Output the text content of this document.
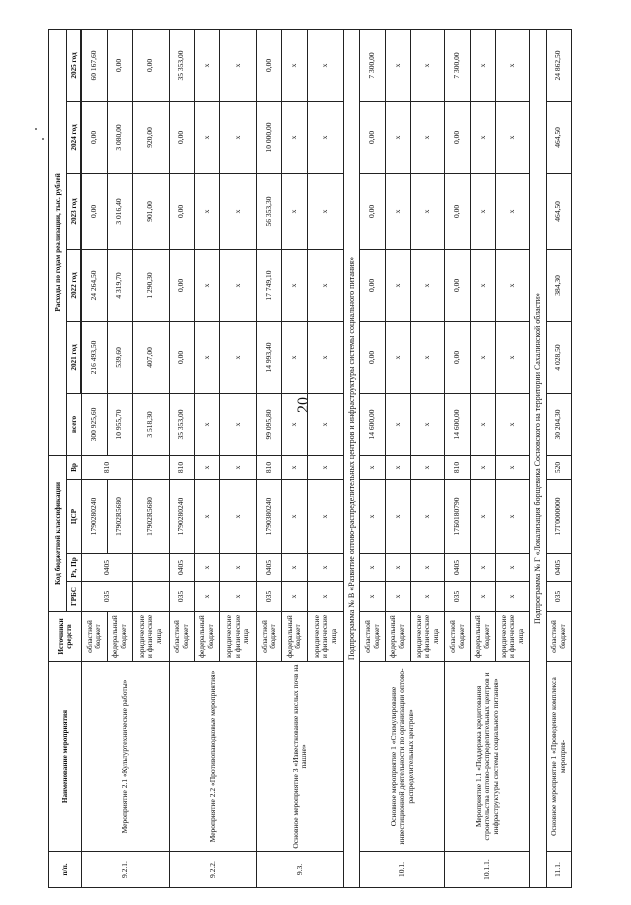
20
п/п.	Наименование мероприятия	Источники средств	Код бюджетной классификации				Расходы по годам реализации, тыс. рублей					
			ГРБС	Рз, Пр	ЦСР	Вр	всего	2021 год	2022 год	2023 год	2024 год	2025 год

9.2.1.	Мероприятие 2.1 «Культуртехнические работы»	областной бюджет	035	0405	1790280240	810	300 925,60	216 493,50	24 264,50	0,00	0,00	60 167,60
		федеральный бюджет			17902R5680		10 955,70	539,60	4 319,70	3 016,40	3 080,00	0,00
		юридические и физические лица			17902R5680		3 518,30	407,00	1 290,30	901,00	920,00	0,00
9.2.2.	Мероприятие 2.2 «Противопаводковые мероприятия»	областной бюджет	035	0405	1790280240	810	35 353,00	0,00	0,00	0,00	0,00	35 353,00
		федеральный бюджет	x	x	x	x	x	x	x	x	x	x
		юридические и физические лица	x	x	x	x	x	x	x	x	x	x
9.3.	Основное мероприятие 3 «Известкование кислых почв на пашне»	областной бюджет	035	0405	1790380240	810	99 095,80	14 993,40	17 749,10	56 353,30	10 000,00	0,00
		федеральный бюджет	x	x	x	x	x	x	x	x	x	x
		юридические и физические лица	x	x	x	x	x	x	x	x	x	x
Подпрограмма № В «Развитие оптово-распределительных центров и инфраструктуры системы социального питания»												
10.1.	Основное мероприятие 1 «Стимулирование инвестиционной деятельности по организации оптово-распределительных центров»	областной бюджет	x	x	x	x	14 600,00	0,00	0,00	0,00	0,00	7 300,00
		федеральный бюджет	x	x	x	x	x	x	x	x	x	x
		юридические и физические лица	x	x	x	x	x	x	x	x	x	x
10.1.1.	Мероприятие 1.1 «Поддержка кредитования строительства оптово-распределительных центров и инфраструктуры системы социального питания»	областной бюджет	035	0405	17Б0180790	810	14 600,00	0,00	0,00	0,00	0,00	7 300,00
		федеральный бюджет	x	x	x	x	x	x	x	x	x	x
		юридические и физические лица	x	x	x	x	x	x	x	x	x	x
Подпрограмма № Г «Локализация борщевика Сосновского на территории Сахалинской области»												
11.1.	Основное мероприятие 1 «Проведение комплекса мероприя-	областной бюджет	035	0405	17Г0000000	520	30 204,30	4 028,50	384,30	464,50	464,50	24 862,50
